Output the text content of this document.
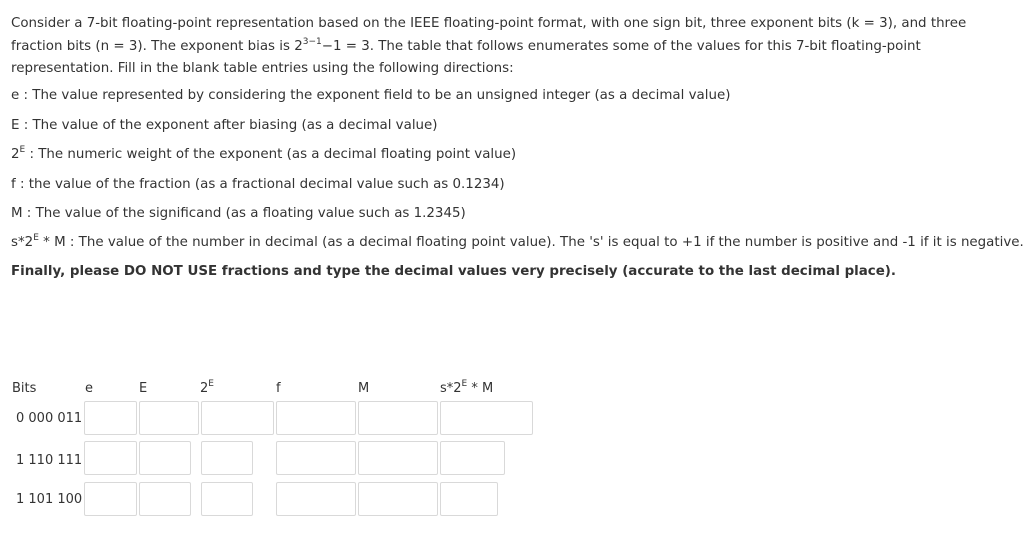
Consider a 7-bit floating-point representation based on the IEEE floating-point format, with one sign bit, three exponent bits (k = 3), and three fraction bits (n = 3). The exponent bias is $2^{3-1}-1 = 3$. The table that follows enumerates some of the values for this 7-bit floating-point representation. Fill in the blank table entries using the following directions:

e : The value represented by considering the exponent field to be an unsigned integer (as a decimal value)
E : The value of the exponent after biasing (as a decimal value)
$2^E$ : The numeric weight of the exponent (as a decimal floating point value)
f : the value of the fraction (as a fractional decimal value such as 0.1234)
M : The value of the significand (as a floating value such as 1.2345)
$s*2^E$ * M : The value of the number in decimal (as a decimal floating point value). The 's' is equal to +1 if the number is positive and -1 if it is negative.
Finally, please DO NOT USE fractions and type the decimal values very precisely (accurate to the last decimal place).
Bits	e	E	$2^E$	f	M	$s*2^E$ * M
0 000 011
1 110 111
1 101 100
